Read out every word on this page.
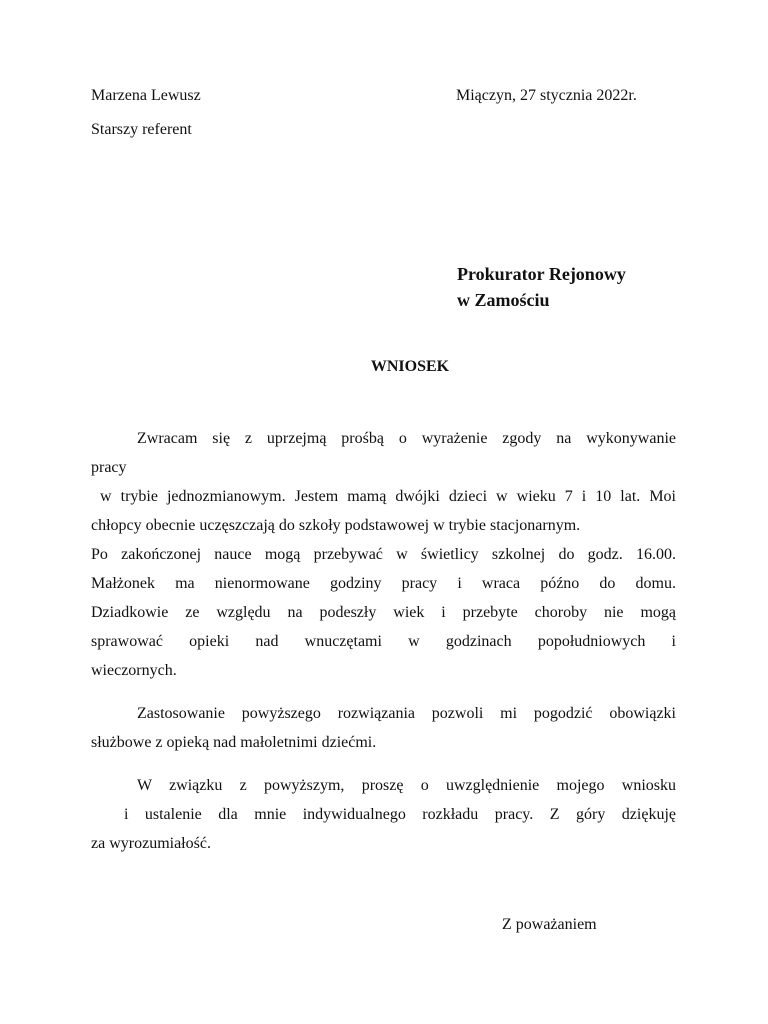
Marzena Lewusz
Starszy referent
Miączyn, 27 stycznia 2022r.
Prokurator Rejonowy
w Zamościu
WNIOSEK
Zwracam się z uprzejmą prośbą o wyrażenie zgody na wykonywanie
pracy
w trybie jednozmianowym. Jestem mamą dwójki dzieci w wieku 7 i 10 lat. Moi
chłopcy obecnie uczęszczają do szkoły podstawowej w trybie stacjonarnym.
Po zakończonej nauce mogą przebywać w świetlicy szkolnej do godz. 16.00.
Małżonek ma nienormowane godziny pracy i wraca późno do domu.
Dziadkowie ze względu na podeszły wiek i przebyte choroby nie mogą
sprawować opieki nad wnuczętami w godzinach popołudniowych i
wieczornych.
Zastosowanie powyższego rozwiązania pozwoli mi pogodzić obowiązki
służbowe z opieką nad małoletnimi dziećmi.
W związku z powyższym, proszę o uwzględnienie mojego wniosku
i ustalenie dla mnie indywidualnego rozkładu pracy. Z góry dziękuję
za wyrozumiałość.
Z poważaniem
